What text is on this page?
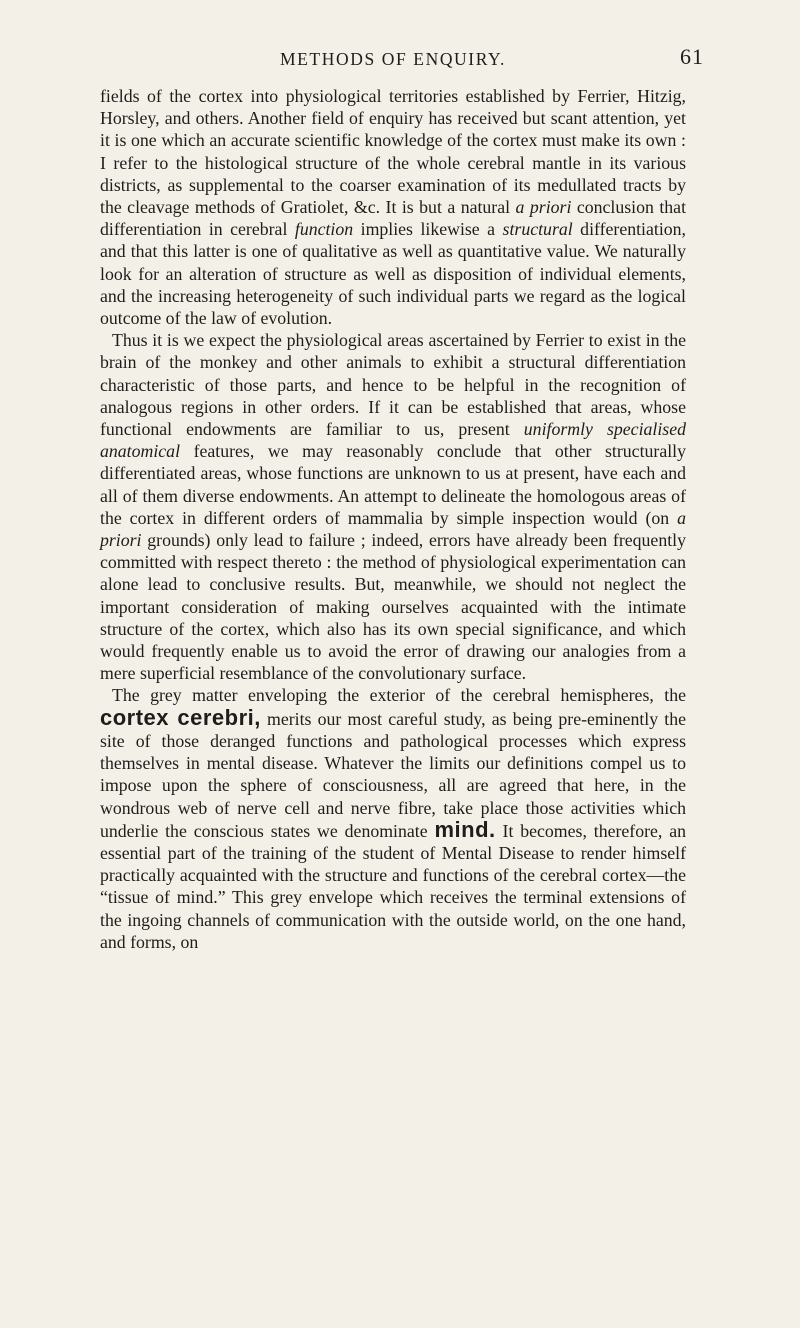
METHODS OF ENQUIRY.	61

fields of the cortex into physiological territories established by Ferrier, Hitzig, Horsley, and others. Another field of enquiry has received but scant attention, yet it is one which an accurate scientific knowledge of the cortex must make its own : I refer to the histological structure of the whole cerebral mantle in its various districts, as supplemental to the coarser examination of its medullated tracts by the cleavage methods of Gratiolet, &c. It is but a natural a priori conclusion that differentiation in cerebral function implies likewise a structural differentiation, and that this latter is one of qualitative as well as quantitative value. We naturally look for an alteration of structure as well as disposition of individual elements, and the increasing heterogeneity of such individual parts we regard as the logical outcome of the law of evolution.

Thus it is we expect the physiological areas ascertained by Ferrier to exist in the brain of the monkey and other animals to exhibit a structural differentiation characteristic of those parts, and hence to be helpful in the recognition of analogous regions in other orders. If it can be established that areas, whose functional endowments are familiar to us, present uniformly specialised anatomical features, we may reasonably conclude that other structurally differentiated areas, whose functions are unknown to us at present, have each and all of them diverse endowments. An attempt to delineate the homologous areas of the cortex in different orders of mammalia by simple inspection would (on a priori grounds) only lead to failure ; indeed, errors have already been frequently committed with respect thereto : the method of physiological experimentation can alone lead to conclusive results. But, meanwhile, we should not neglect the important consideration of making ourselves acquainted with the intimate structure of the cortex, which also has its own special significance, and which would frequently enable us to avoid the error of drawing our analogies from a mere superficial resemblance of the convolutionary surface.

The grey matter enveloping the exterior of the cerebral hemispheres, the cortex cerebri, merits our most careful study, as being pre-eminently the site of those deranged functions and pathological processes which express themselves in mental disease. Whatever the limits our definitions compel us to impose upon the sphere of consciousness, all are agreed that here, in the wondrous web of nerve cell and nerve fibre, take place those activities which underlie the conscious states we denominate mind. It becomes, therefore, an essential part of the training of the student of Mental Disease to render himself practically acquainted with the structure and functions of the cerebral cortex—the “tissue of mind.” This grey envelope which receives the terminal extensions of the ingoing channels of communication with the outside world, on the one hand, and forms, on
